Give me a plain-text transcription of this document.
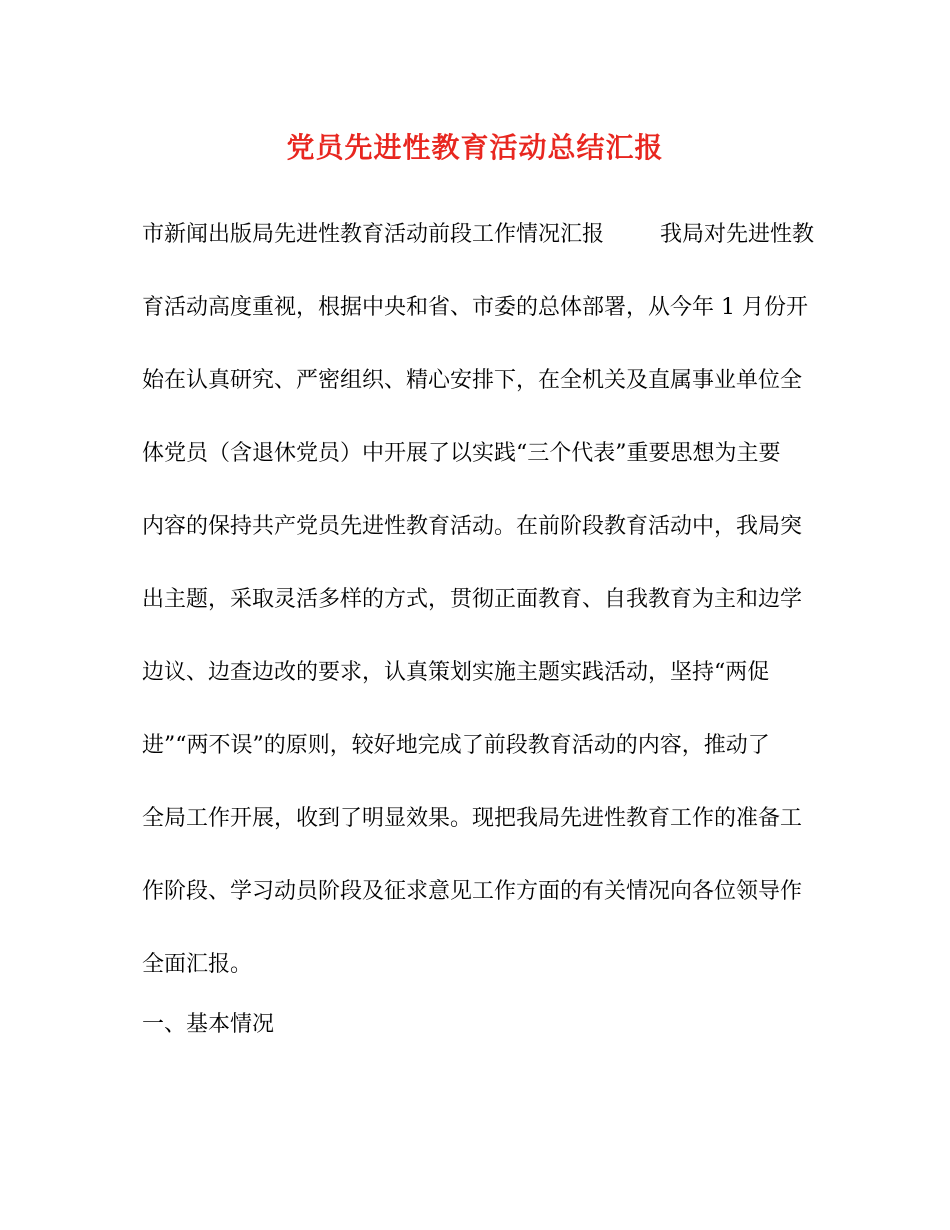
党员先进性教育活动总结汇报
市新闻出版局先进性教育活动前段工作情况汇报	我局对先进性教
育活动高度重视，根据中央和省、市委的总体部署，从今年 1 月份开
始在认真研究、严密组织、精心安排下，在全机关及直属事业单位全
体党员（含退休党员）中开展了以实践“三个代表”重要思想为主要
内容的保持共产党员先进性教育活动。在前阶段教育活动中，我局突
出主题，采取灵活多样的方式，贯彻正面教育、自我教育为主和边学
边议、边查边改的要求，认真策划实施主题实践活动，坚持“两促
进”“两不误”的原则，较好地完成了前段教育活动的内容，推动了
全局工作开展，收到了明显效果。现把我局先进性教育工作的准备工
作阶段、学习动员阶段及征求意见工作方面的有关情况向各位领导作
全面汇报。
一、基本情况
